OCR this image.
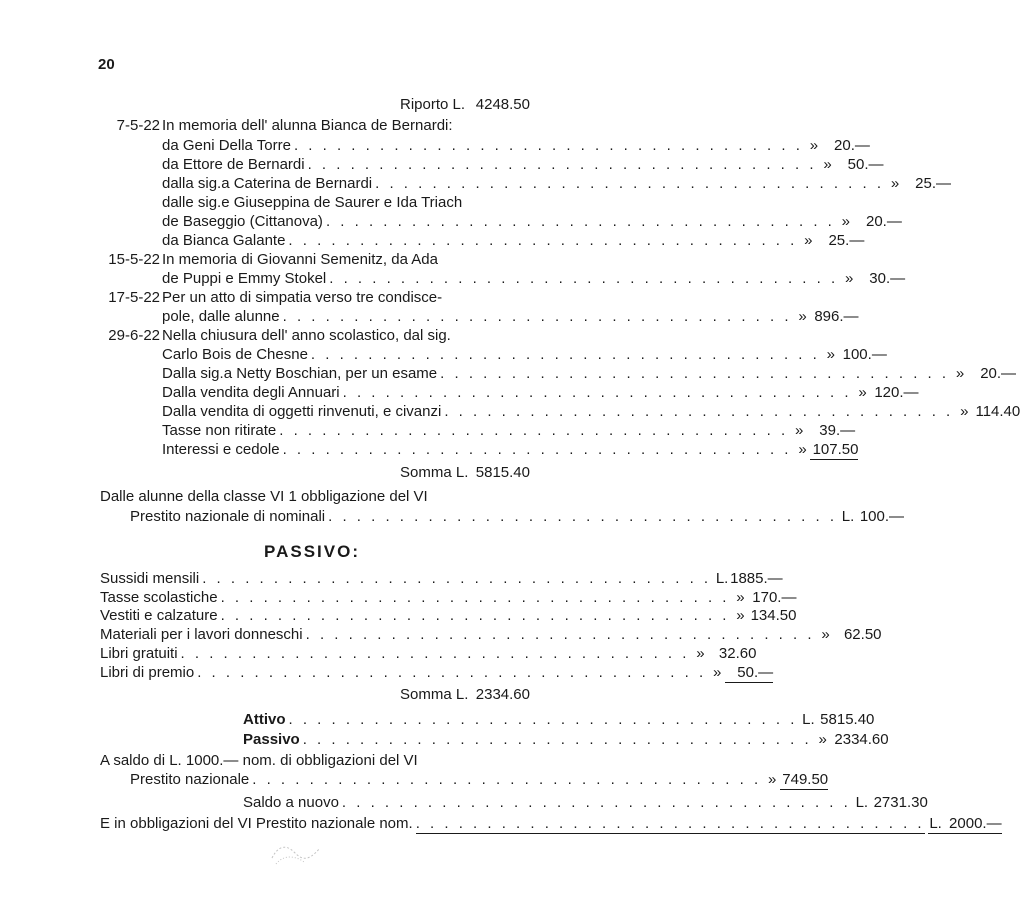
20
Riporto L. 4248.50
7-5-22 In memoria dell' alunna Bianca de Bernardi:
da Geni Della Torre . . . . . . . . . . . . . . . . . . . . . . . . . . . . . . . . . . . . »	20.—
da Ettore de Bernardi . . . . . . . . . . . . . . . . . . . . . . . . . . . . . . . . . . . . »	50.—
dalla sig.a Caterina de Bernardi . . . . . . . . . . . . . . . . . . . . . . . . . . . . . . . . . . . . »	25.—
dalle sig.e Giuseppina de Saurer e Ida Triach
de Baseggio (Cittanova) . . . . . . . . . . . . . . . . . . . . . . . . . . . . . . . . . . . . »	20.—
da Bianca Galante . . . . . . . . . . . . . . . . . . . . . . . . . . . . . . . . . . . . »	25.—
15-5-22 In memoria di Giovanni Semenitz, da Ada
de Puppi e Emmy Stokel . . . . . . . . . . . . . . . . . . . . . . . . . . . . . . . . . . . . »	30.—
17-5-22 Per un atto di simpatia verso tre condisce-
pole, dalle alunne . . . . . . . . . . . . . . . . . . . . . . . . . . . . . . . . . . . . » 896.—
29-6-22 Nella chiusura dell' anno scolastico, dal sig.
Carlo Bois de Chesne . . . . . . . . . . . . . . . . . . . . . . . . . . . . . . . . . . . . » 100.—
Dalla sig.a Netty Boschian, per un esame . . . . . . . . . . . . . . . . . . . . . . . . . . . . . . . . . . . . »	20.—
Dalla vendita degli Annuari . . . . . . . . . . . . . . . . . . . . . . . . . . . . . . . . . . . . » 120.—
Dalla vendita di oggetti rinvenuti, e civanzi . . . . . . . . . . . . . . . . . . . . . . . . . . . . . . . . . . . . » 114.40
Tasse non ritirate . . . . . . . . . . . . . . . . . . . . . . . . . . . . . . . . . . . . »	39.—
Interessi e cedole . . . . . . . . . . . . . . . . . . . . . . . . . . . . . . . . . . . . » 107.50
Somma L. 5815.40
Dalle alunne della classe VI 1 obbligazione del VI
Prestito nazionale di nominali . . . . . . . . . . . . . . . . . . . . . . . . . . . . . . . . . . . . L. 100.—
PASSIVO:
Sussidi mensili . . . . . . . . . . . . . . . . . . . . . . . . . . . . . . . . . . . . L. 1885.—
Tasse scolastiche . . . . . . . . . . . . . . . . . . . . . . . . . . . . . . . . . . . . » 170.—
Vestiti e calzature . . . . . . . . . . . . . . . . . . . . . . . . . . . . . . . . . . . . » 134.50
Materiali per i lavori donneschi . . . . . . . . . . . . . . . . . . . . . . . . . . . . . . . . . . . . » 62.50
Libri gratuiti . . . . . . . . . . . . . . . . . . . . . . . . . . . . . . . . . . . . » 32.60
Libri di premio . . . . . . . . . . . . . . . . . . . . . . . . . . . . . . . . . . . . »	50.—
Somma L. 2334.60
Attivo . . . . . . . . . . . . . . . . . . . . . . . . . . . . . . . . . . . . L. 5815.40
Passivo . . . . . . . . . . . . . . . . . . . . . . . . . . . . . . . . . . . . » 2334.60
A saldo di L. 1000.— nom. di obbligazioni del VI
Prestito nazionale . . . . . . . . . . . . . . . . . . . . . . . . . . . . . . . . . . . . » 749.50
Saldo a nuovo . . . . . . . . . . . . . . . . . . . . . . . . . . . . . . . . . . . . L. 2731.30
E in obbligazioni del VI Prestito nazionale nom. . . . . . . . . . . . . . . . . . . . . . . . . . . . . . . . . . . . . L. 2000.—
